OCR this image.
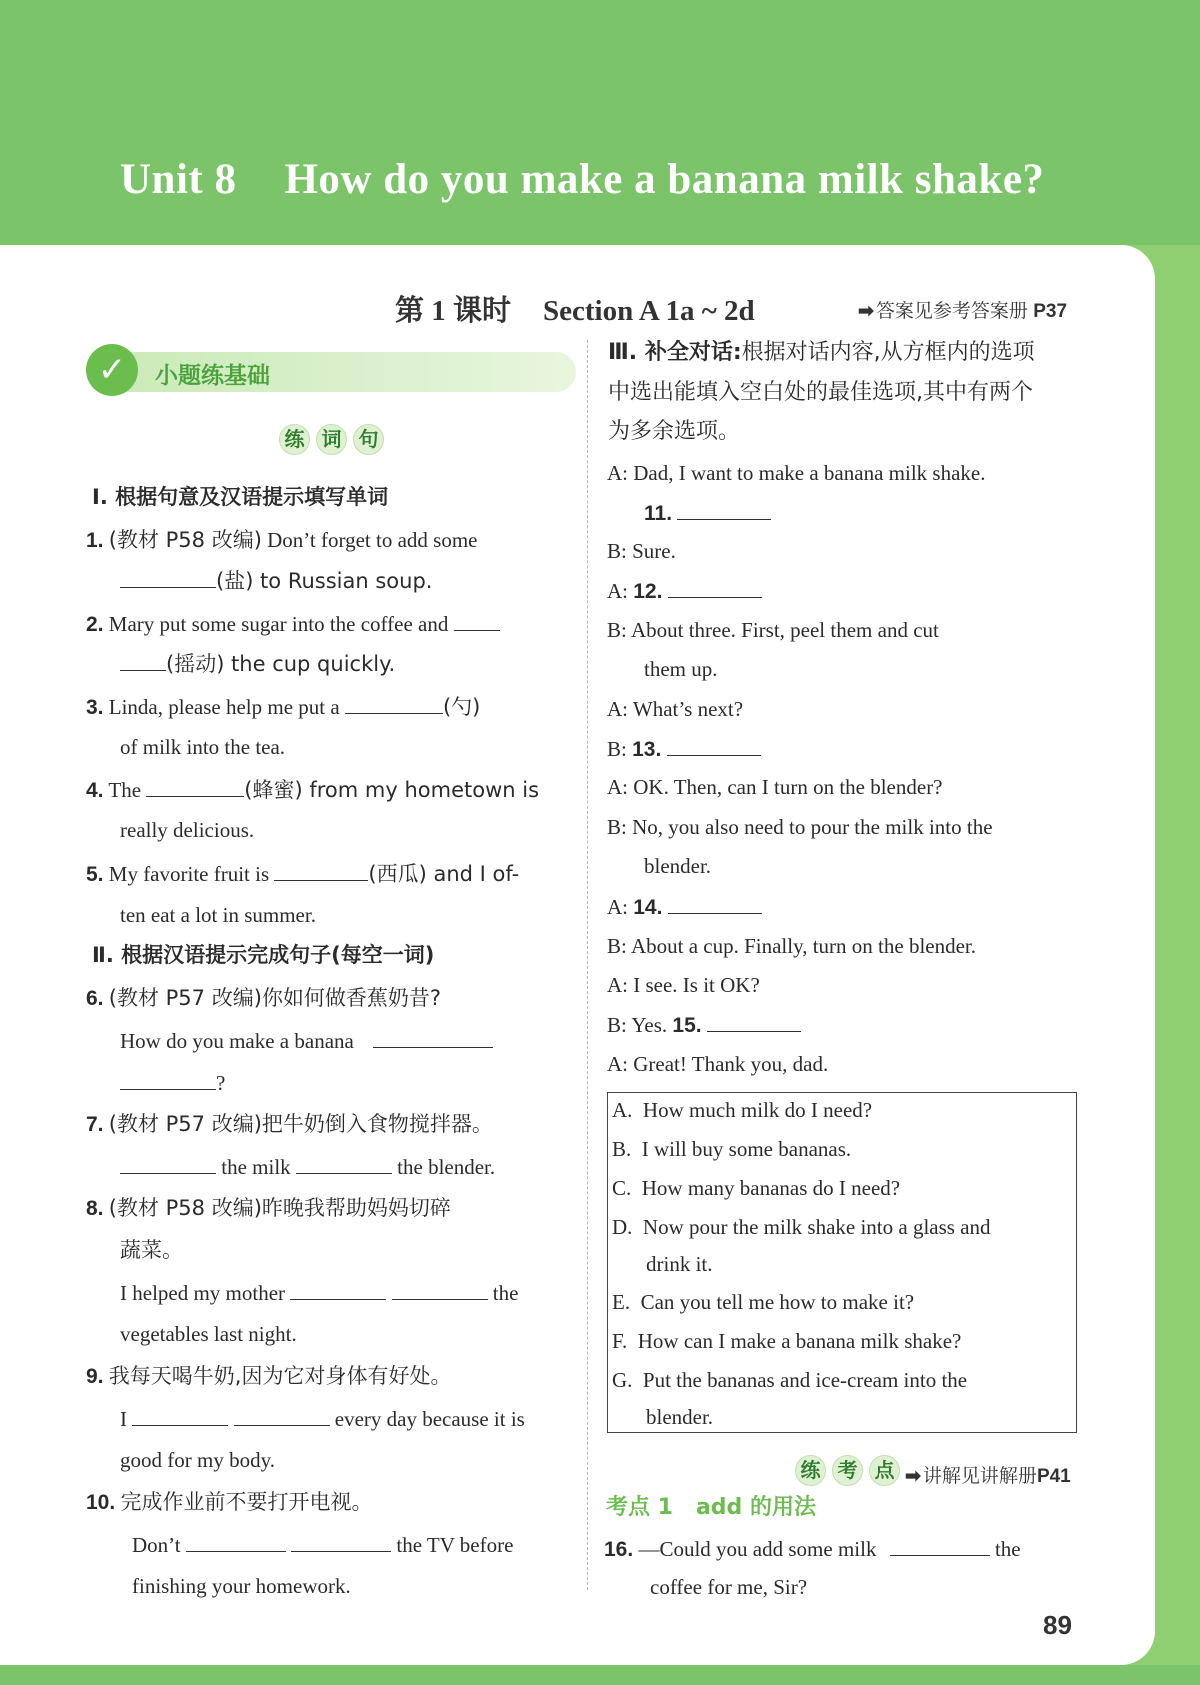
Unit 8 How do you make a banana milk shake?
第 1 课时 Section A 1a ~ 2d	➡ 答案见参考答案册 P37
✓	小题练基础
练 词 句
Ⅰ. 根据句意及汉语提示填写单词
1. (教材 P58 改编) Don’t forget to add some
(盐) to Russian soup.
2. Mary put some sugar into the coffee and
(摇动) the cup quickly.
3. Linda, please help me put a	(勺)
of milk into the tea.
4. The	(蜂蜜) from my hometown is
really delicious.
5. My favorite fruit is	(西瓜) and I of-
ten eat a lot in summer.
Ⅱ. 根据汉语提示完成句子(每空一词)
6. (教材 P57 改编)你如何做香蕉奶昔?
How do you make a banana
?
7. (教材 P57 改编)把牛奶倒入食物搅拌器。
the milk	the blender.
8. (教材 P58 改编)昨晚我帮助妈妈切碎
蔬菜。
I helped my mother	the
vegetables last night.
9. 我每天喝牛奶,因为它对身体有好处。
I	every day because it is
good for my body.
10. 完成作业前不要打开电视。
Don’t	the TV before
finishing your homework.
Ⅲ. 补全对话:根据对话内容,从方框内的选项
中选出能填入空白处的最佳选项,其中有两个
为多余选项。
A: Dad, I want to make a banana milk shake.
11.
B: Sure.
A: 12.
B: About three. First, peel them and cut
them up.
A: What’s next?
B: 13.
A: OK. Then, can I turn on the blender?
B: No, you also need to pour the milk into the
blender.
A: 14.
B: About a cup. Finally, turn on the blender.
A: I see. Is it OK?
B: Yes. 15.
A: Great! Thank you, dad.
A. How much milk do I need?
B. I will buy some bananas.
C. How many bananas do I need?
D. Now pour the milk shake into a glass and
drink it.
E. Can you tell me how to make it?
F. How can I make a banana milk shake?
G. Put the bananas and ice-cream into the
blender.
练 考 点 ➡ 讲解见讲解册P41
考点 1 add 的用法
16. —Could you add some milk	the
coffee for me, Sir?
89
